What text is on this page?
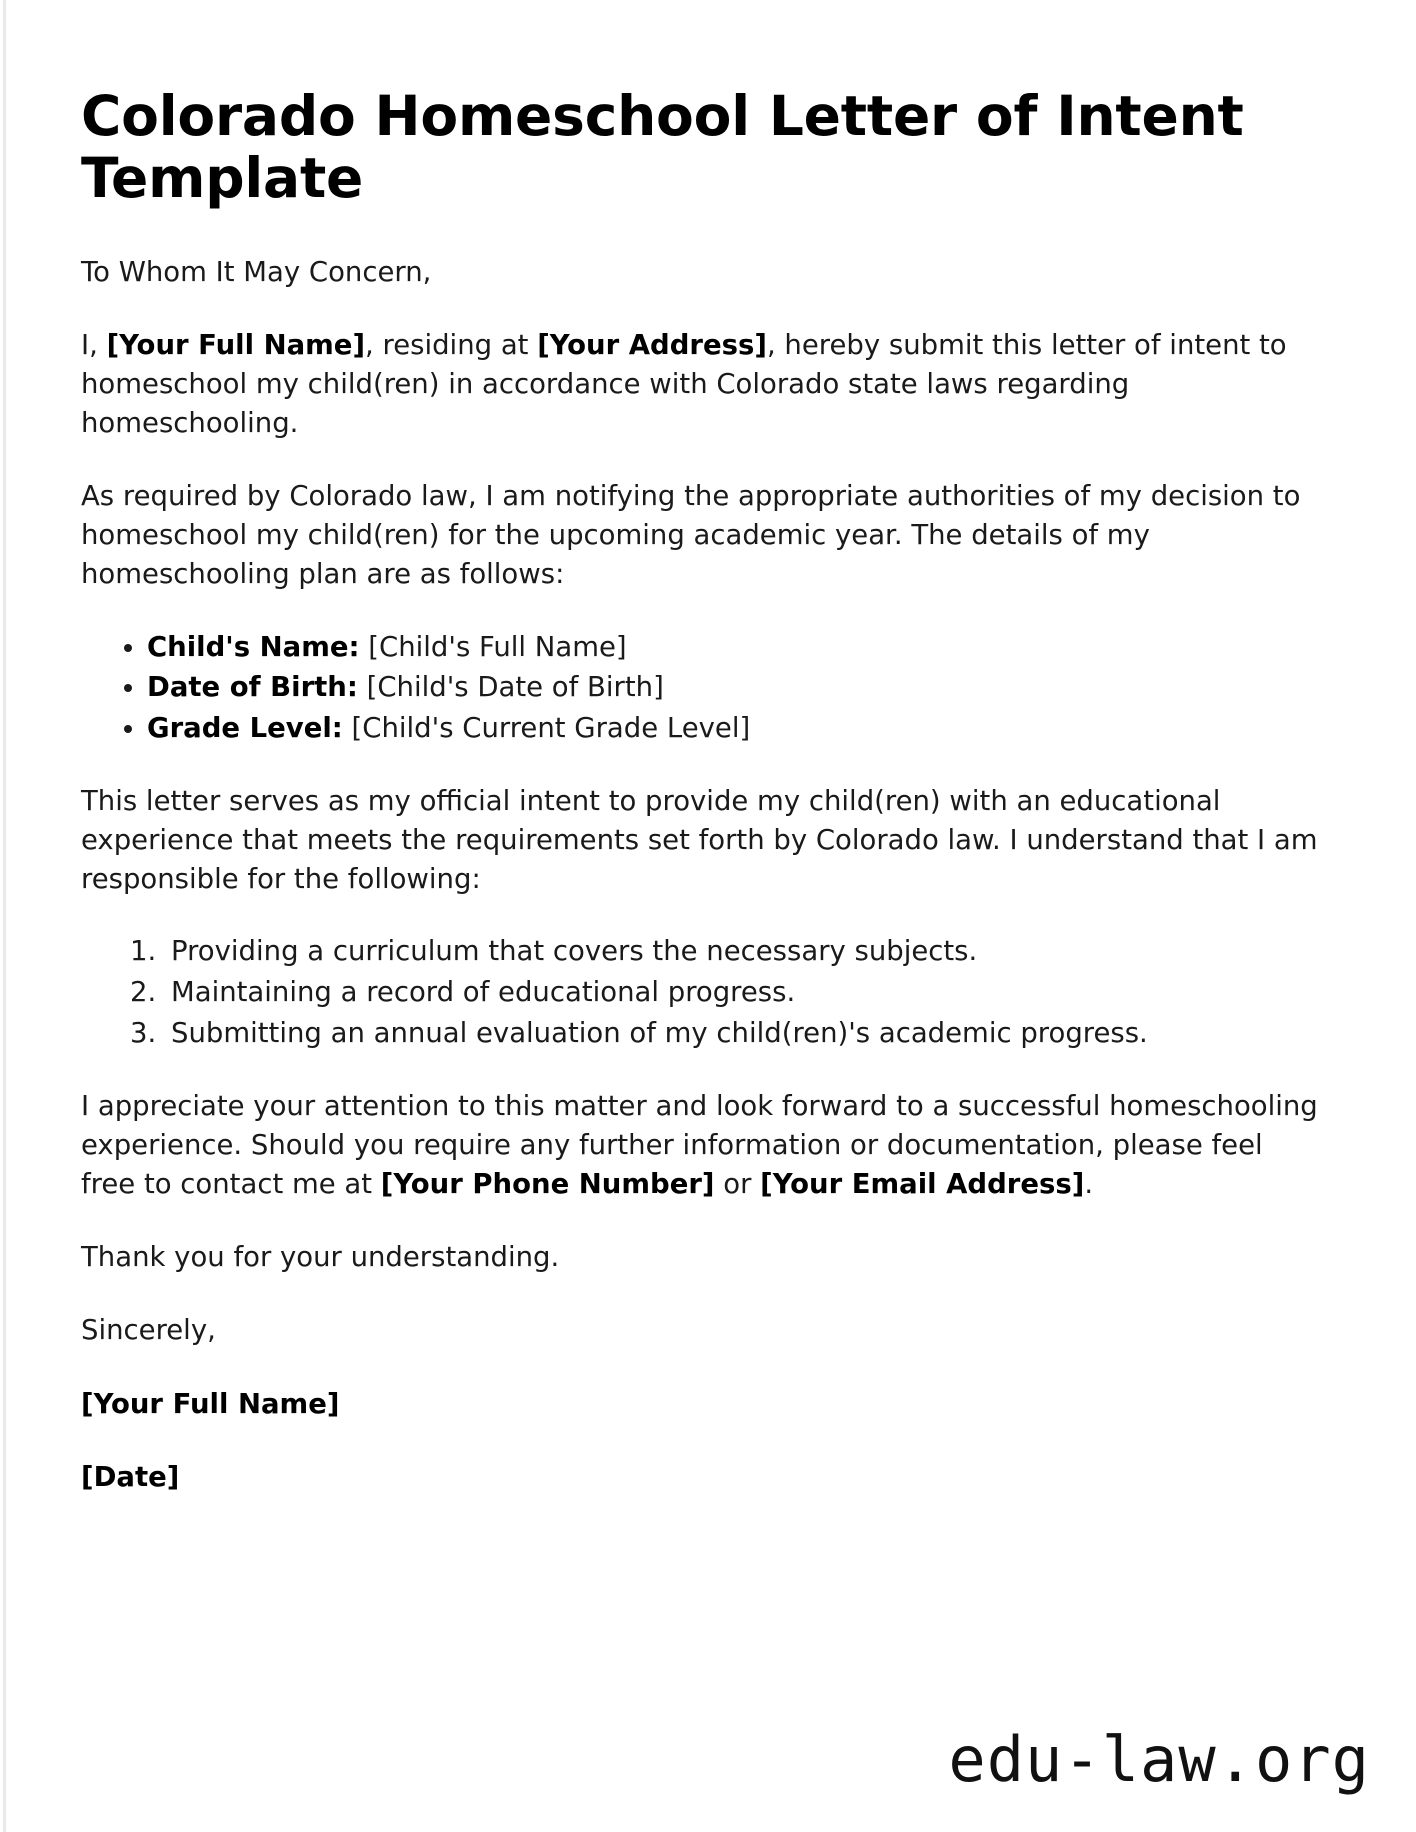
Colorado Homeschool Letter of Intent Template

To Whom It May Concern,

I, [Your Full Name], residing at [Your Address], hereby submit this letter of intent to homeschool my child(ren) in accordance with Colorado state laws regarding homeschooling.

As required by Colorado law, I am notifying the appropriate authorities of my decision to homeschool my child(ren) for the upcoming academic year. The details of my homeschooling plan are as follows:

• Child's Name: [Child's Full Name]
• Date of Birth: [Child's Date of Birth]
• Grade Level: [Child's Current Grade Level]

This letter serves as my official intent to provide my child(ren) with an educational experience that meets the requirements set forth by Colorado law. I understand that I am responsible for the following:

1. Providing a curriculum that covers the necessary subjects.
2. Maintaining a record of educational progress.
3. Submitting an annual evaluation of my child(ren)'s academic progress.

I appreciate your attention to this matter and look forward to a successful homeschooling experience. Should you require any further information or documentation, please feel free to contact me at [Your Phone Number] or [Your Email Address].

Thank you for your understanding.

Sincerely,

[Your Full Name]

[Date]

edu-law.org
